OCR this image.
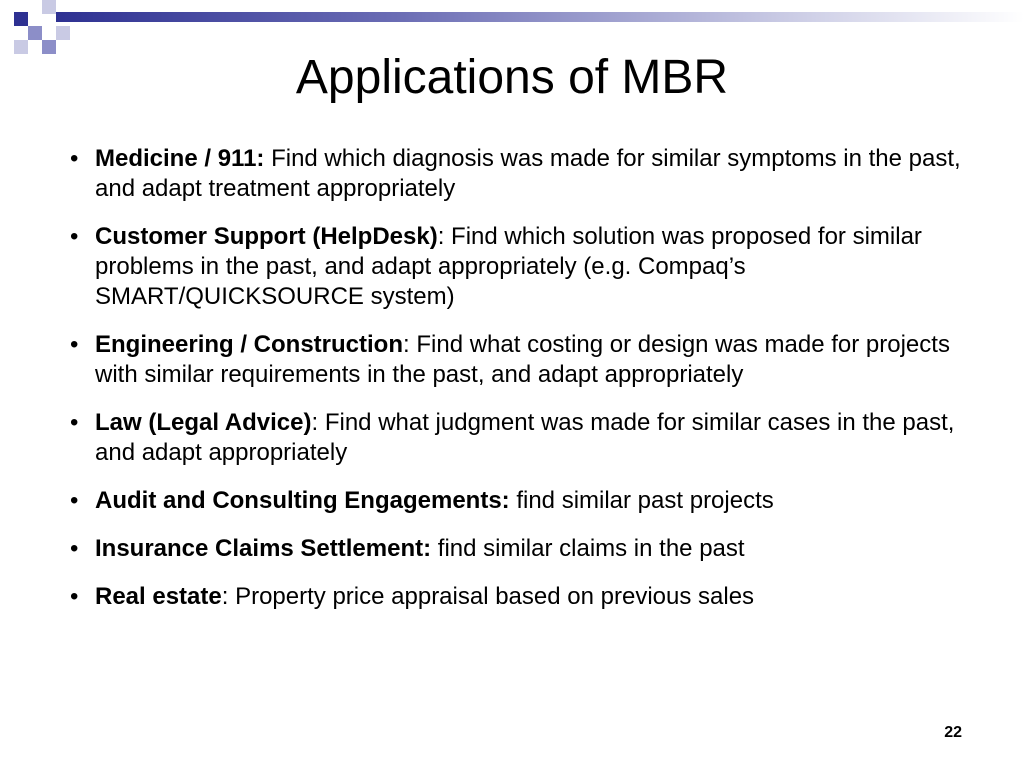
Applications of MBR
• Medicine / 911: Find which diagnosis was made for similar symptoms in the past, and adapt treatment appropriately
• Customer Support (HelpDesk): Find which solution was proposed for similar problems in the past, and adapt appropriately (e.g. Compaq’s SMART/QUICKSOURCE system)
• Engineering / Construction: Find what costing or design was made for projects with similar requirements in the past, and adapt appropriately
• Law (Legal Advice): Find what judgment was made for similar cases in the past, and adapt appropriately
• Audit and Consulting Engagements: find similar past projects
• Insurance Claims Settlement: find similar claims in the past
• Real estate: Property price appraisal based on previous sales
22
